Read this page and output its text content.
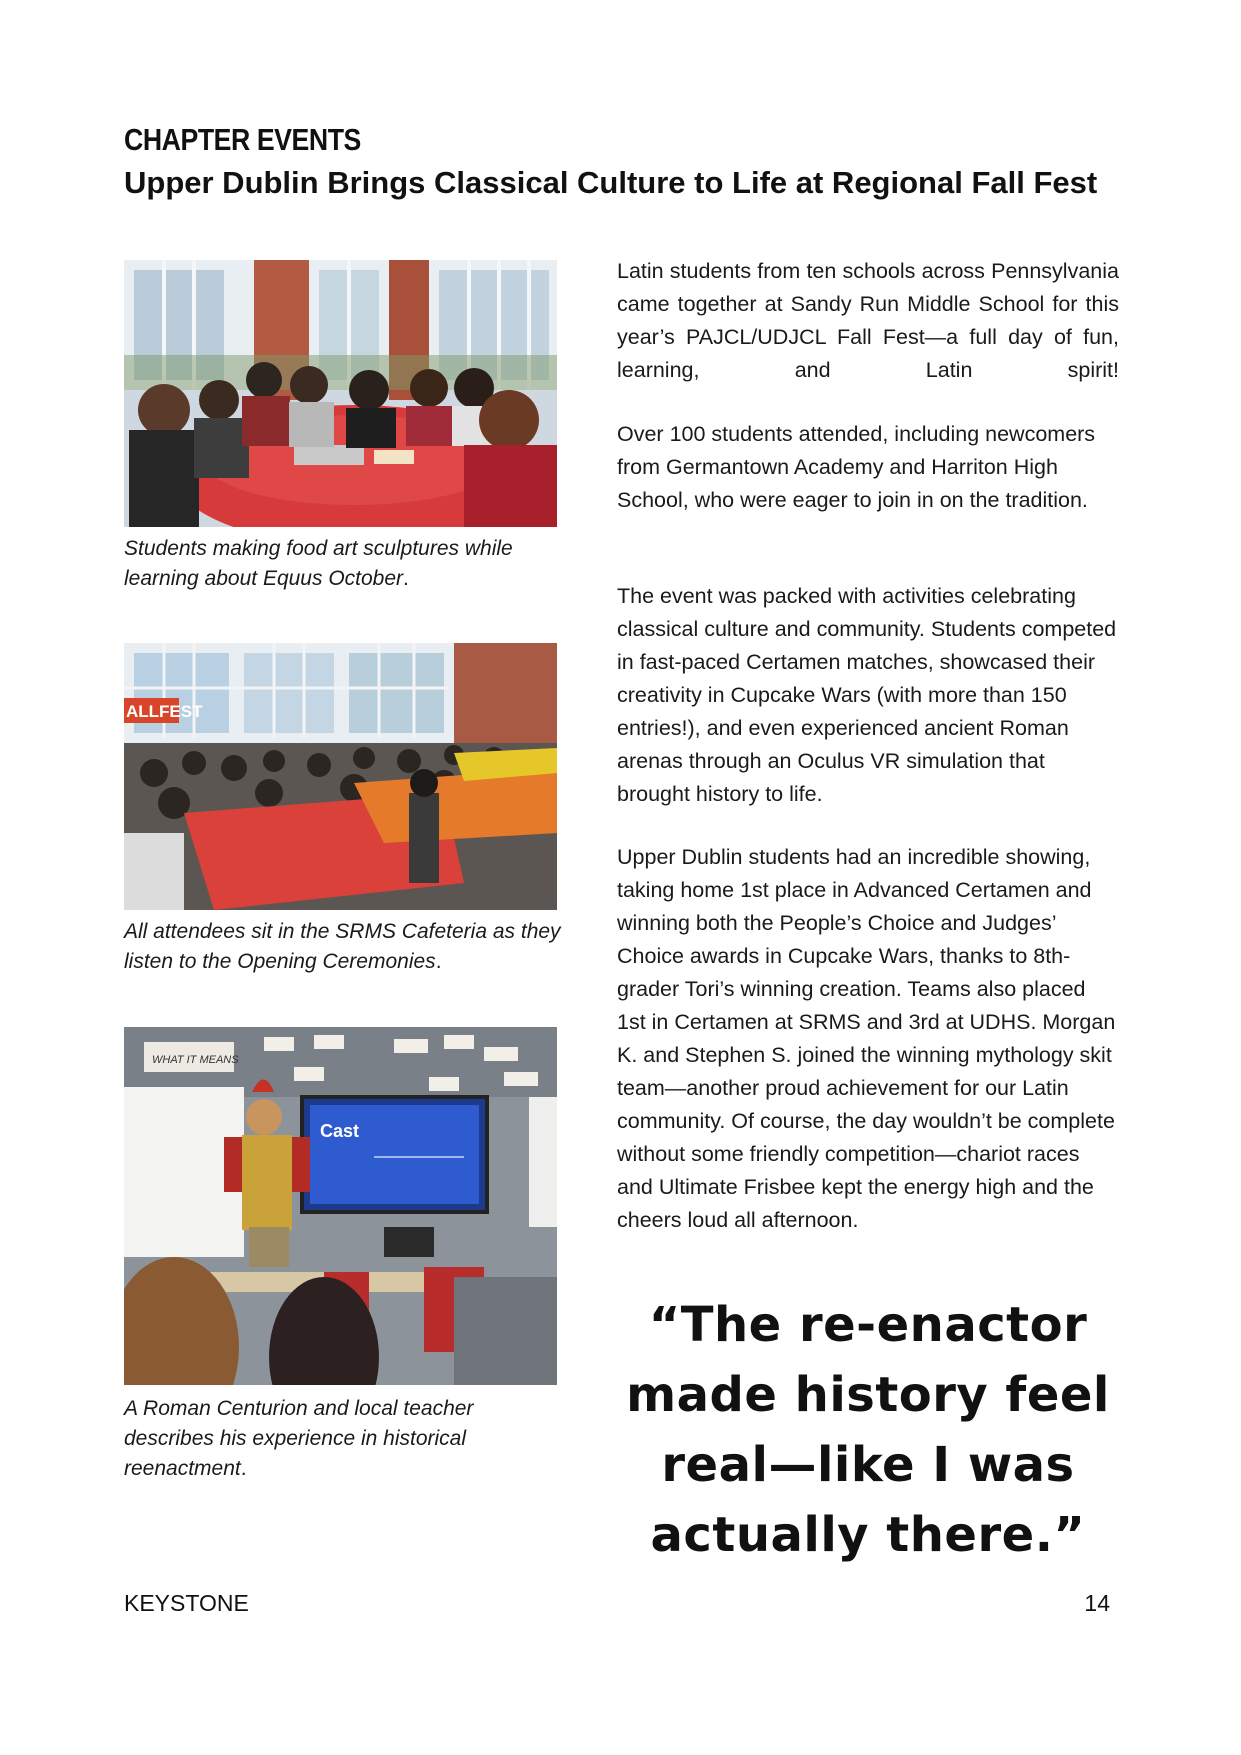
CHAPTER EVENTS
Upper Dublin Brings Classical Culture to Life at Regional Fall Fest

Students making food art sculptures while learning about Equus October.

ALLFEST

All attendees sit in the SRMS Cafeteria as they listen to the Opening Ceremonies.

WHAT IT MEANS
Cast

A Roman Centurion and local teacher describes his experience in historical reenactment.

Latin students from ten schools across Pennsylvania came together at Sandy Run Middle School for this year’s PAJCL/UDJCL Fall Fest—a full day of fun, learning, and Latin spirit!

Over 100 students attended, including newcomers from Germantown Academy and Harriton High School, who were eager to join in on the tradition.

The event was packed with activities celebrating classical culture and community. Students competed in fast-paced Certamen matches, showcased their creativity in Cupcake Wars (with more than 150 entries!), and even experienced ancient Roman arenas through an Oculus VR simulation that brought history to life.

Upper Dublin students had an incredible showing, taking home 1st place in Advanced Certamen and winning both the People’s Choice and Judges’ Choice awards in Cupcake Wars, thanks to 8th-grader Tori’s winning creation. Teams also placed 1st in Certamen at SRMS and 3rd at UDHS. Morgan K. and Stephen S. joined the winning mythology skit team—another proud achievement for our Latin community. Of course, the day wouldn’t be complete without some friendly competition—chariot races and Ultimate Frisbee kept the energy high and the cheers loud all afternoon.

“The re-enactor made history feel real—like I was actually there.”

KEYSTONE	14
